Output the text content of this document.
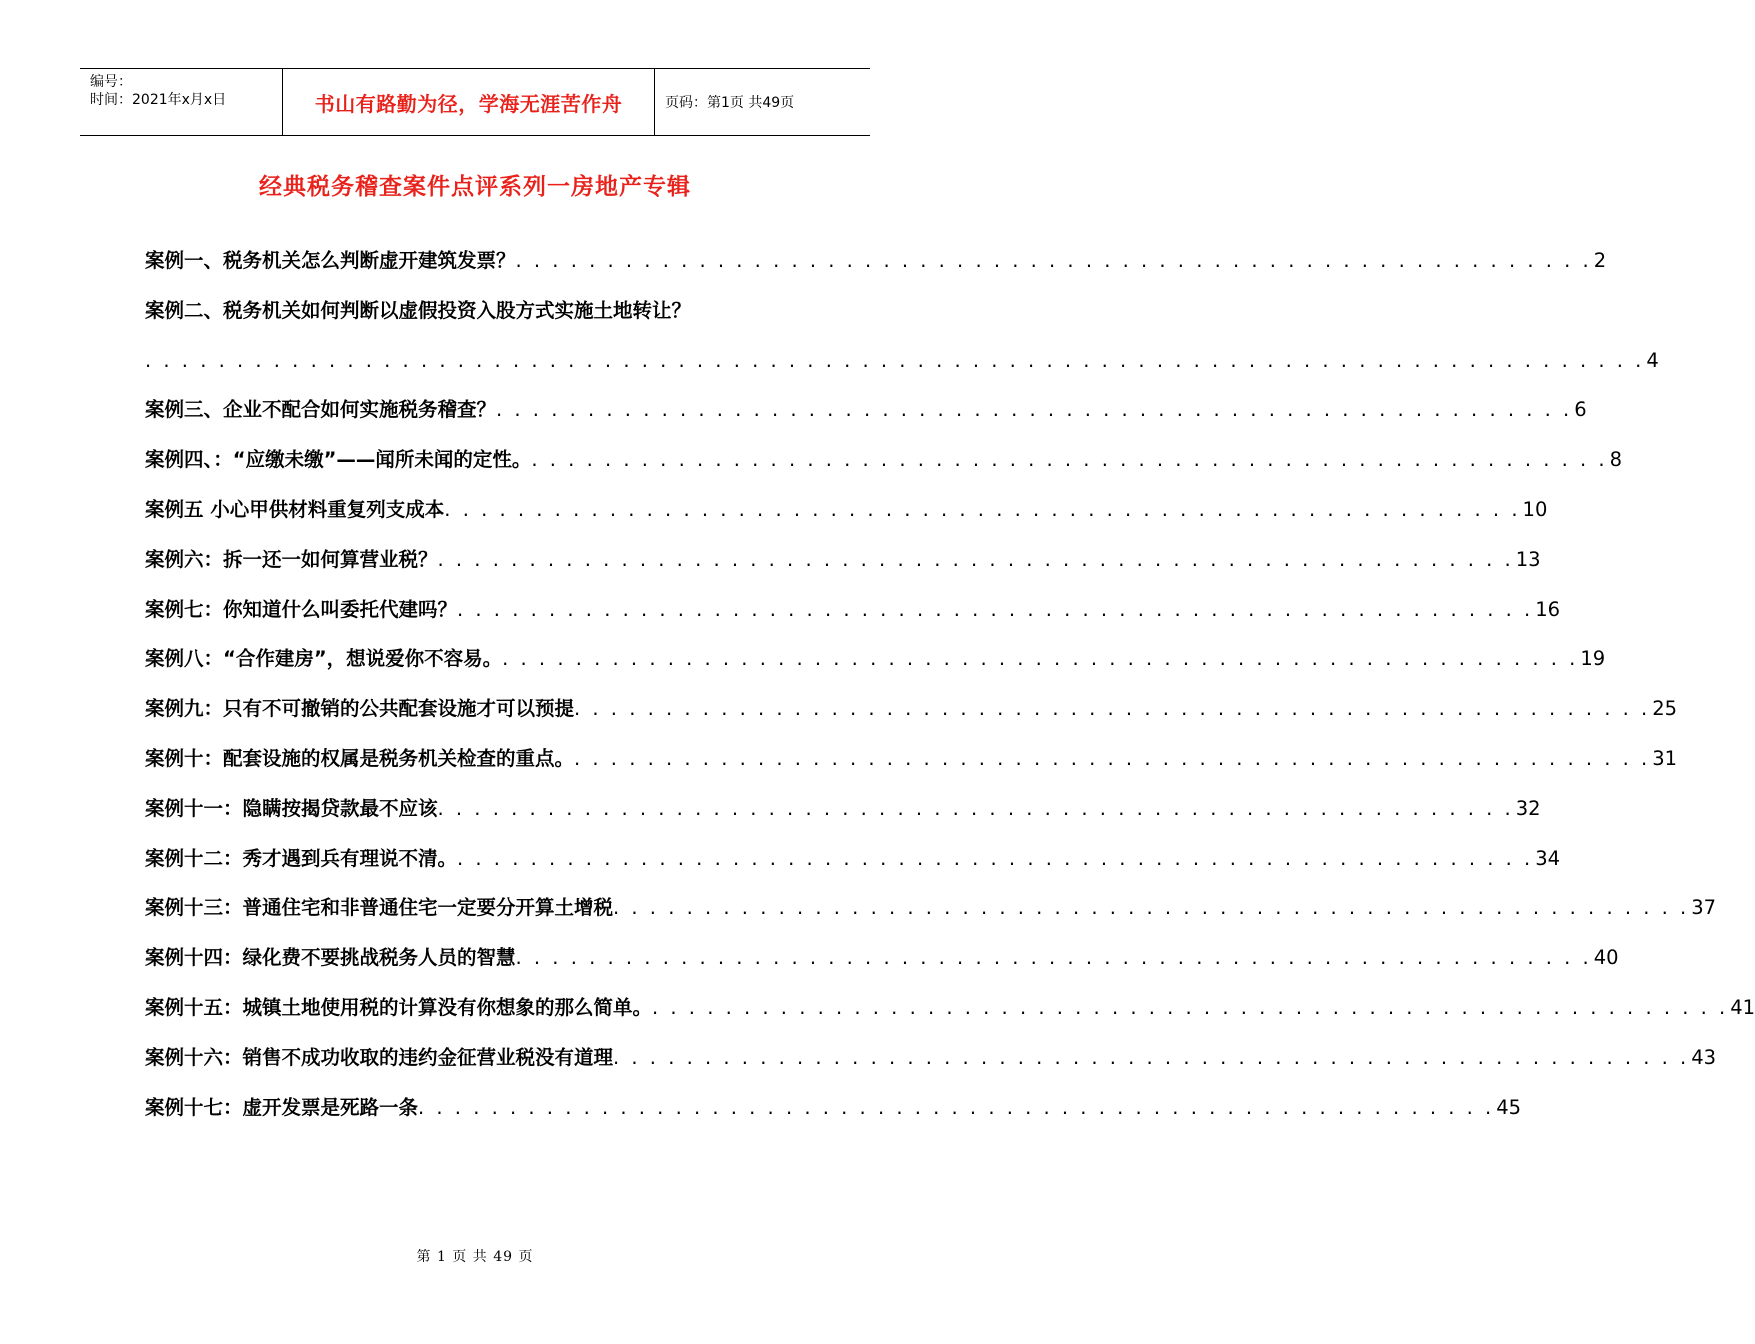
编号：
时间：2021年x月x日	书山有路勤为径，学海无涯苦作舟	页码：第1页 共49页
经典税务稽查案件点评系列一房地产专辑
案例一、税务机关怎么判断虚开建筑发票？ . . . . . . . . . . . . . . . . . . . . . . . . . . . . . . . . . . . . . . . . . . . . . . . . . . . . . . . . . . . 2
案例二、税务机关如何判断以虚假投资入股方式实施土地转让？
. . . . . . . . . . . . . . . . . . . . . . . . . . . . . . . . . . . . . . . . . . . . . . . . . . . . . . . . . . . . . . . . . . . . . . . . . . . . . . . . . . 4
案例三、企业不配合如何实施税务稽查？ . . . . . . . . . . . . . . . . . . . . . . . . . . . . . . . . . . . . . . . . . . . . . . . . . . . . . . . . . . . 6
案例四、：“应缴未缴”——闻所未闻的定性。 . . . . . . . . . . . . . . . . . . . . . . . . . . . . . . . . . . . . . . . . . . . . . . . . . . . . . . . . . . . 8
案例五 小心甲供材料重复列支成本 . . . . . . . . . . . . . . . . . . . . . . . . . . . . . . . . . . . . . . . . . . . . . . . . . . . . . . . . . . . 10
案例六：拆一还一如何算营业税？ . . . . . . . . . . . . . . . . . . . . . . . . . . . . . . . . . . . . . . . . . . . . . . . . . . . . . . . . . . . 13
案例七：你知道什么叫委托代建吗？ . . . . . . . . . . . . . . . . . . . . . . . . . . . . . . . . . . . . . . . . . . . . . . . . . . . . . . . . . . . 16
案例八：“合作建房”，想说爱你不容易。 . . . . . . . . . . . . . . . . . . . . . . . . . . . . . . . . . . . . . . . . . . . . . . . . . . . . . . . . . . . 19
案例九：只有不可撤销的公共配套设施才可以预提 . . . . . . . . . . . . . . . . . . . . . . . . . . . . . . . . . . . . . . . . . . . . . . . . . . . . . . . . . . . 25
案例十：配套设施的权属是税务机关检查的重点。 . . . . . . . . . . . . . . . . . . . . . . . . . . . . . . . . . . . . . . . . . . . . . . . . . . . . . . . . . . . 31
案例十一：隐瞒按揭贷款最不应该 . . . . . . . . . . . . . . . . . . . . . . . . . . . . . . . . . . . . . . . . . . . . . . . . . . . . . . . . . . . 32
案例十二：秀才遇到兵有理说不清。 . . . . . . . . . . . . . . . . . . . . . . . . . . . . . . . . . . . . . . . . . . . . . . . . . . . . . . . . . . . 34
案例十三：普通住宅和非普通住宅一定要分开算土增税 . . . . . . . . . . . . . . . . . . . . . . . . . . . . . . . . . . . . . . . . . . . . . . . . . . . . . . . . . . . 37
案例十四：绿化费不要挑战税务人员的智慧 . . . . . . . . . . . . . . . . . . . . . . . . . . . . . . . . . . . . . . . . . . . . . . . . . . . . . . . . . . . 40
案例十五：城镇土地使用税的计算没有你想象的那么简单。 . . . . . . . . . . . . . . . . . . . . . . . . . . . . . . . . . . . . . . . . . . . . . . . . . . . . . . . . . . . 41
案例十六：销售不成功收取的违约金征营业税没有道理 . . . . . . . . . . . . . . . . . . . . . . . . . . . . . . . . . . . . . . . . . . . . . . . . . . . . . . . . . . . 43
案例十七：虚开发票是死路一条 . . . . . . . . . . . . . . . . . . . . . . . . . . . . . . . . . . . . . . . . . . . . . . . . . . . . . . . . . . . 45
第 1 页 共 49 页
